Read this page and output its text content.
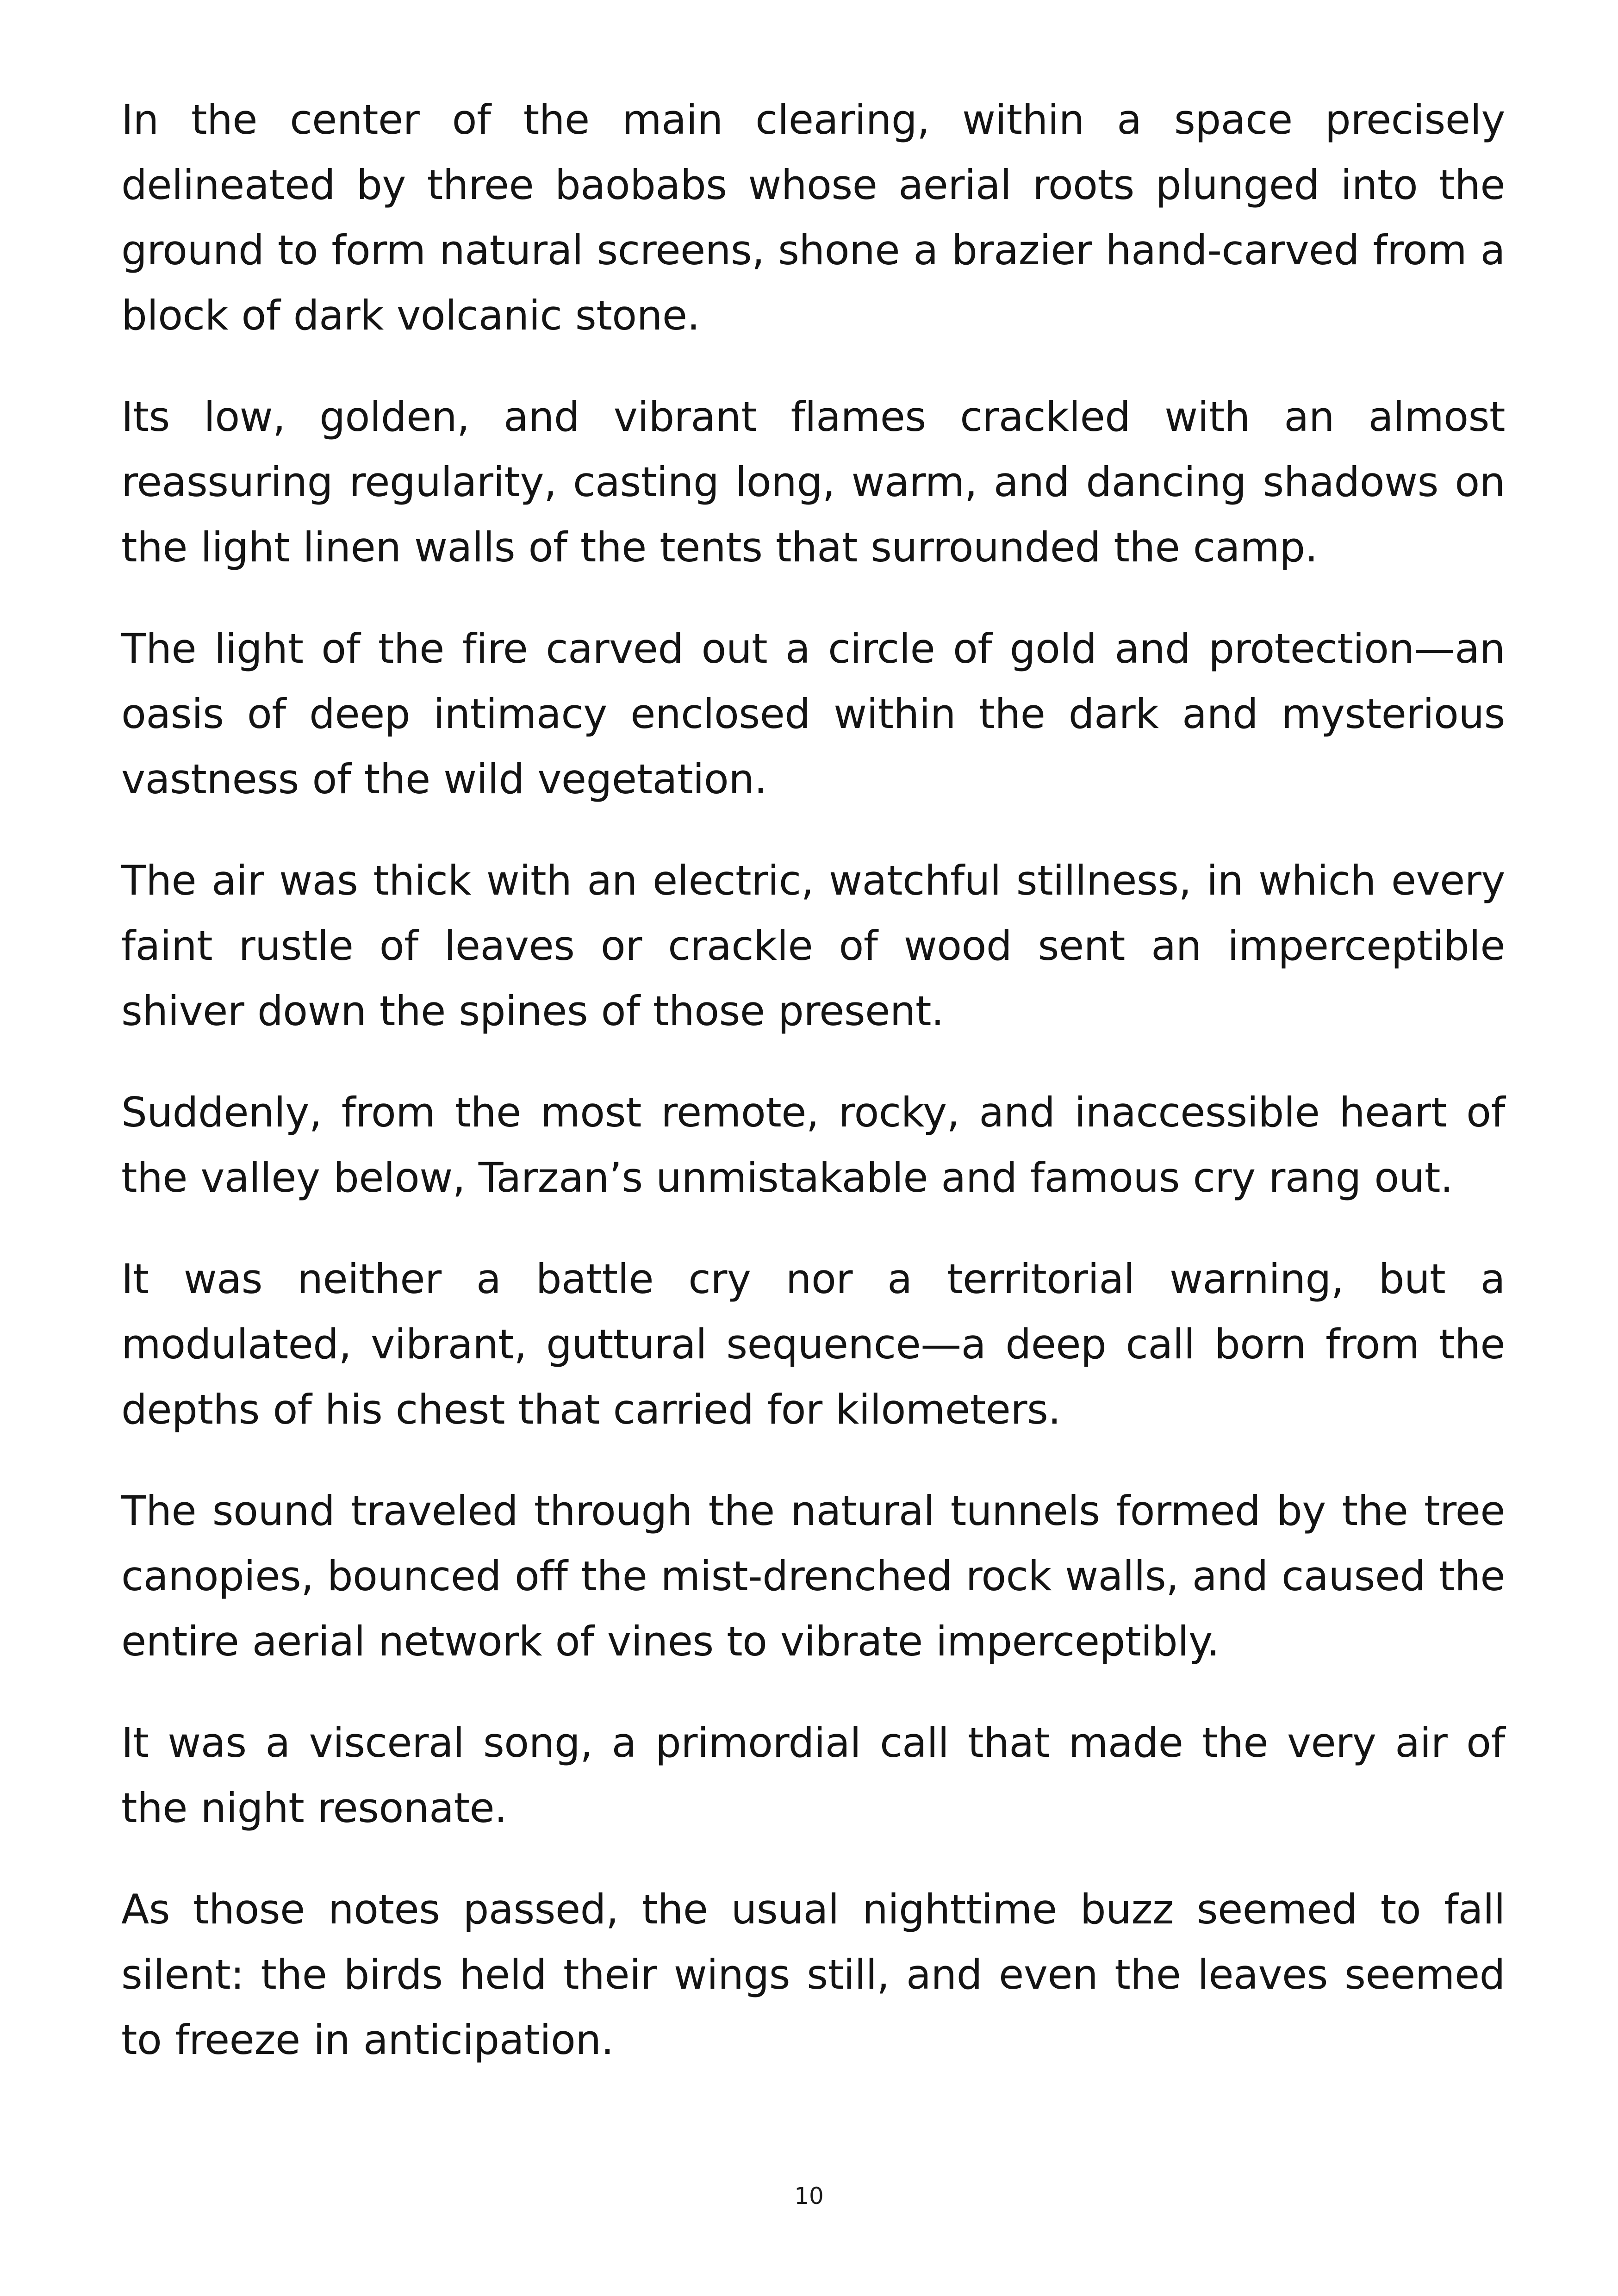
In the center of the main clearing, within a space precisely delineated by three baobabs whose aerial roots plunged into the ground to form natural screens, shone a brazier hand-carved from a block of dark volcanic stone.

Its low, golden, and vibrant flames crackled with an almost reassuring regularity, casting long, warm, and dancing shadows on the light linen walls of the tents that surrounded the camp.

The light of the fire carved out a circle of gold and protection—an oasis of deep intimacy enclosed within the dark and mysterious vastness of the wild vegetation.

The air was thick with an electric, watchful stillness, in which every faint rustle of leaves or crackle of wood sent an imperceptible shiver down the spines of those present.

Suddenly, from the most remote, rocky, and inaccessible heart of the valley below, Tarzan’s unmistakable and famous cry rang out.

It was neither a battle cry nor a territorial warning, but a modulated, vibrant, guttural sequence—a deep call born from the depths of his chest that carried for kilometers.

The sound traveled through the natural tunnels formed by the tree canopies, bounced off the mist-drenched rock walls, and caused the entire aerial network of vines to vibrate imperceptibly.

It was a visceral song, a primordial call that made the very air of the night resonate.

As those notes passed, the usual nighttime buzz seemed to fall silent: the birds held their wings still, and even the leaves seemed to freeze in anticipation.

10
